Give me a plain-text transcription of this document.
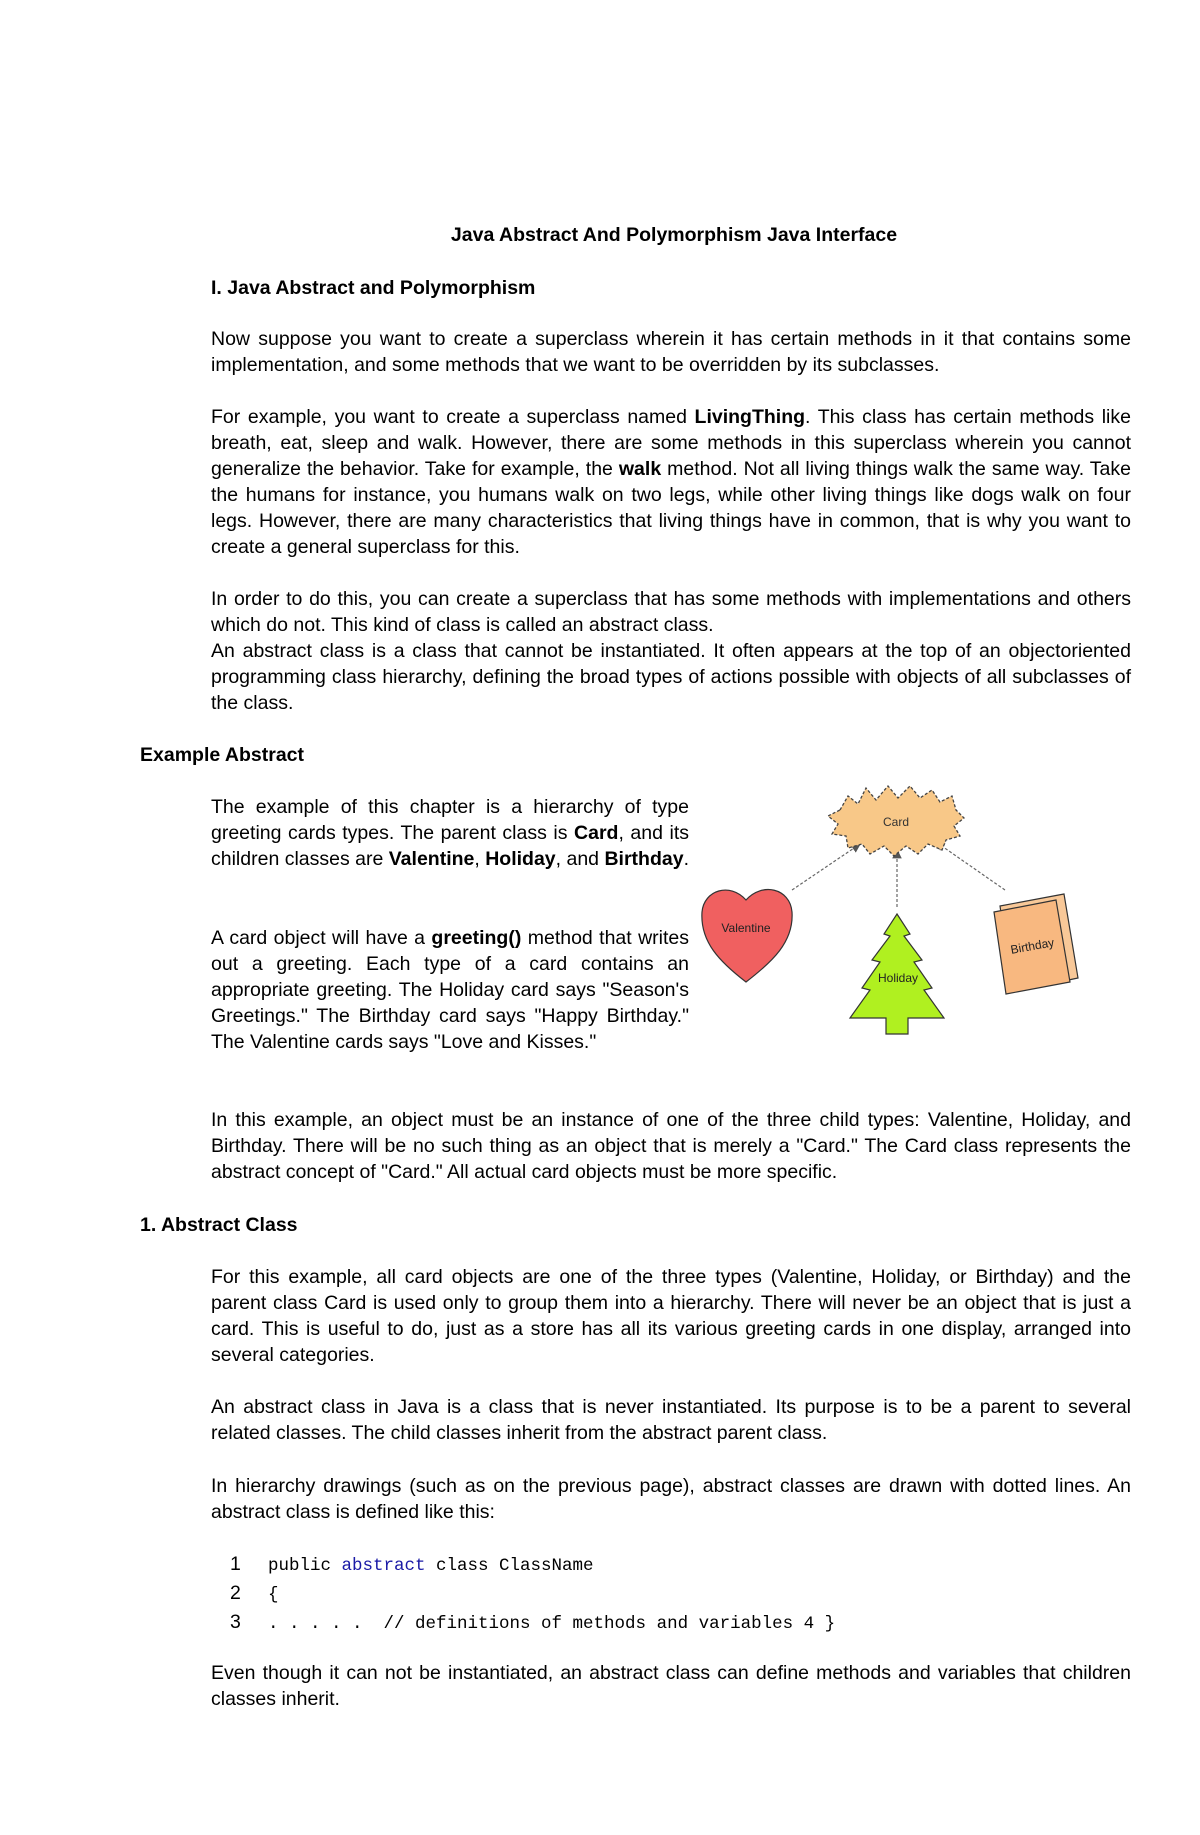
Java Abstract And Polymorphism Java Interface
I. Java Abstract and Polymorphism

Now suppose you want to create a superclass wherein it has certain methods in it that contains some implementation, and some methods that we want to be overridden by its subclasses.

For example, you want to create a superclass named LivingThing. This class has certain methods like breath, eat, sleep and walk. However, there are some methods in this superclass wherein you cannot generalize the behavior. Take for example, the walk method. Not all living things walk the same way. Take the humans for instance, you humans walk on two legs, while other living things like dogs walk on four legs. However, there are many characteristics that living things have in common, that is why you want to create a general superclass for this.

In order to do this, you can create a superclass that has some methods with implementations and others which do not. This kind of class is called an abstract class.

An abstract class is a class that cannot be instantiated. It often appears at the top of an objectoriented programming class hierarchy, defining the broad types of actions possible with objects of all subclasses of the class.

Example Abstract

The example of this chapter is a hierarchy of type greeting cards types. The parent class is Card, and its children classes are Valentine, Holiday, and Birthday.

A card object will have a greeting() method that writes out a greeting. Each type of a card contains an appropriate greeting. The Holiday card says "Season's Greetings." The Birthday card says "Happy Birthday." The Valentine cards says "Love and Kisses."

Card
Valentine
Holiday
Birthday

In this example, an object must be an instance of one of the three child types: Valentine, Holiday, and Birthday. There will be no such thing as an object that is merely a "Card." The Card class represents the abstract concept of "Card." All actual card objects must be more specific.

1. Abstract Class

For this example, all card objects are one of the three types (Valentine, Holiday, or Birthday) and the parent class Card is used only to group them into a hierarchy. There will never be an object that is just a card. This is useful to do, just as a store has all its various greeting cards in one display, arranged into several categories.

An abstract class in Java is a class that is never instantiated. Its purpose is to be a parent to several related classes. The child classes inherit from the abstract parent class.

In hierarchy drawings (such as on the previous page), abstract classes are drawn with dotted lines. An abstract class is defined like this:

1 public abstract class ClassName
2 {
3 . . . . .  // definitions of methods and variables 4 }

Even though it can not be instantiated, an abstract class can define methods and variables that children classes inherit.
